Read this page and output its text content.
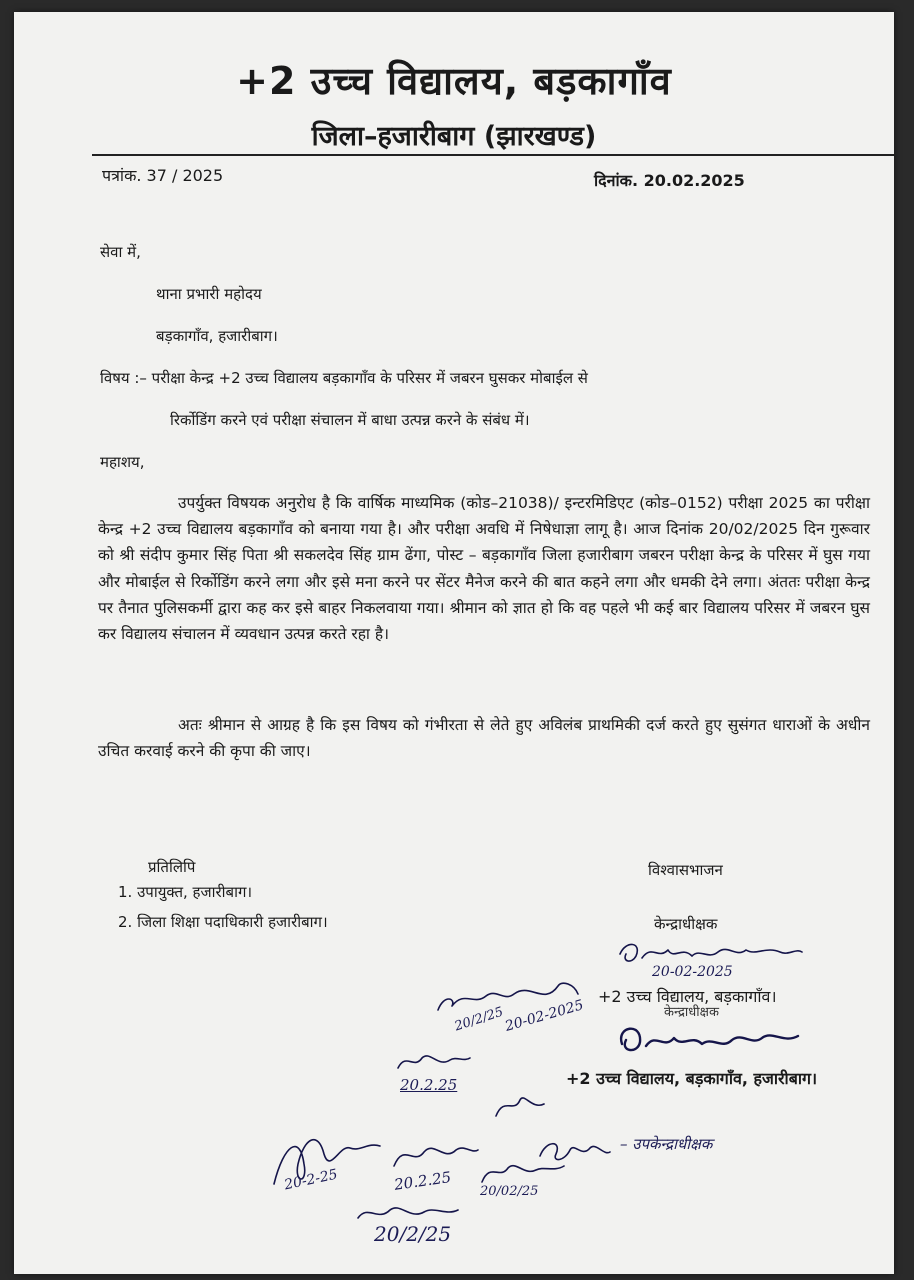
+2 उच्च विद्यालय, बड़कागाँव
जिला–हजारीबाग (झारखण्ड)
पत्रांक. 37 / 2025	दिनांक. 20.02.2025
सेवा में,
थाना प्रभारी महोदय
बड़कागाँव, हजारीबाग।
विषय :– परीक्षा केन्द्र +2 उच्च विद्यालय बड़कागाँव के परिसर में जबरन घुसकर मोबाईल से
रिर्कोडिंग करने एवं परीक्षा संचालन में बाधा उत्पन्न करने के संबंध में।
महाशय,

उपर्युक्त विषयक अनुरोध है कि वार्षिक माध्यमिक (कोड–21038)/ इन्टरमिडिएट (कोड–0152) परीक्षा 2025 का परीक्षा केन्द्र +2 उच्च विद्यालय बड़कागाँव को बनाया गया है। और परीक्षा अवधि में निषेधाज्ञा लागू है। आज दिनांक 20/02/2025 दिन गुरूवार को श्री संदीप कुमार सिंह पिता श्री सकलदेव सिंह ग्राम ढेंगा, पोस्ट – बड़कागाँव जिला हजारीबाग जबरन परीक्षा केन्द्र के परिसर में घुस गया और मोबाईल से रिर्कोडिंग करने लगा और इसे मना करने पर सेंटर मैनेज करने की बात कहने लगा और धमकी देने लगा। अंततः परीक्षा केन्द्र पर तैनात पुलिसकर्मी द्वारा कह कर इसे बाहर निकलवाया गया। श्रीमान को ज्ञात हो कि वह पहले भी कई बार विद्यालय परिसर में जबरन घुस कर विद्यालय संचालन में व्यवधान उत्पन्न करते रहा है।

अतः श्रीमान से आग्रह है कि इस विषय को गंभीरता से लेते हुए अविलंब प्राथमिकी दर्ज करते हुए सुसंगत धाराओं के अधीन उचित करवाई करने की कृपा की जाए।

प्रतिलिपि
1. उपायुक्त, हजारीबाग।
2. जिला शिक्षा पदाधिकारी हजारीबाग।
विश्वासभाजन
केन्द्राधीक्षक
20-02-2025
+2 उच्च विद्यालय, बड़कागाँव।
केन्द्राधीक्षक
+2 उच्च विद्यालय, बड़कागाँव, हजारीबाग।
– उपकेन्द्राधीक्षक
20/2/25
20-02-2025
20.2.25
20-2-25	20.2.25 20/02/25
20/2/25
